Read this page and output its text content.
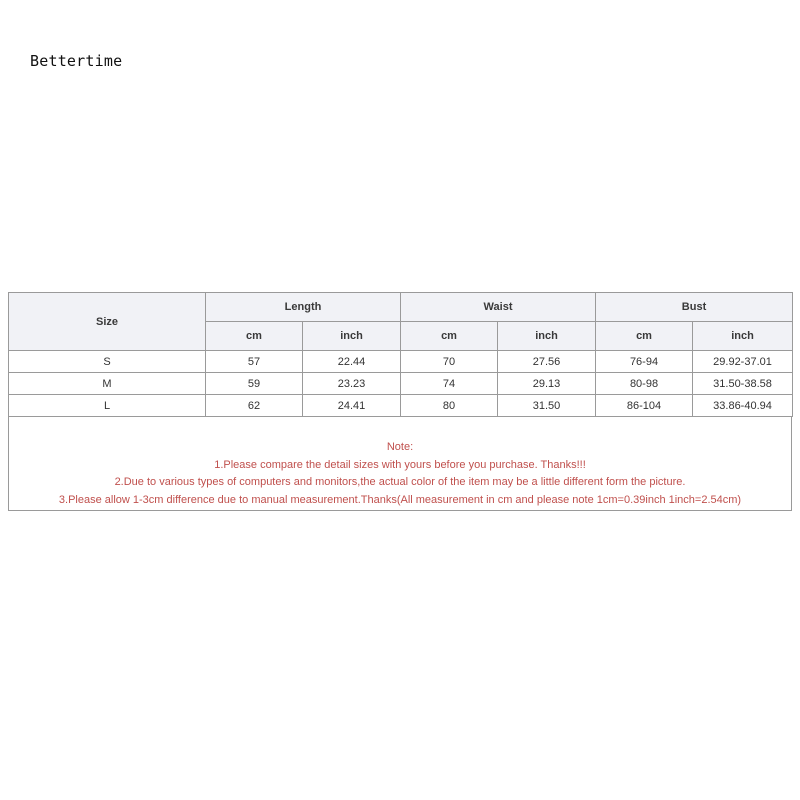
Bettertime
Size	Length		Waist		Bust	
	cm	inch	cm	inch	cm	inch
S	57	22.44	70	27.56	76-94	29.92-37.01
M	59	23.23	74	29.13	80-98	31.50-38.58
L	62	24.41	80	31.50	86-104	33.86-40.94
Note:
1.Please compare the detail sizes with yours before you purchase. Thanks!!!
2.Due to various types of computers and monitors,the actual color of the item may be a little different form the picture.
3.Please allow 1-3cm difference due to manual measurement.Thanks(All measurement in cm and please note 1cm=0.39inch 1inch=2.54cm)
